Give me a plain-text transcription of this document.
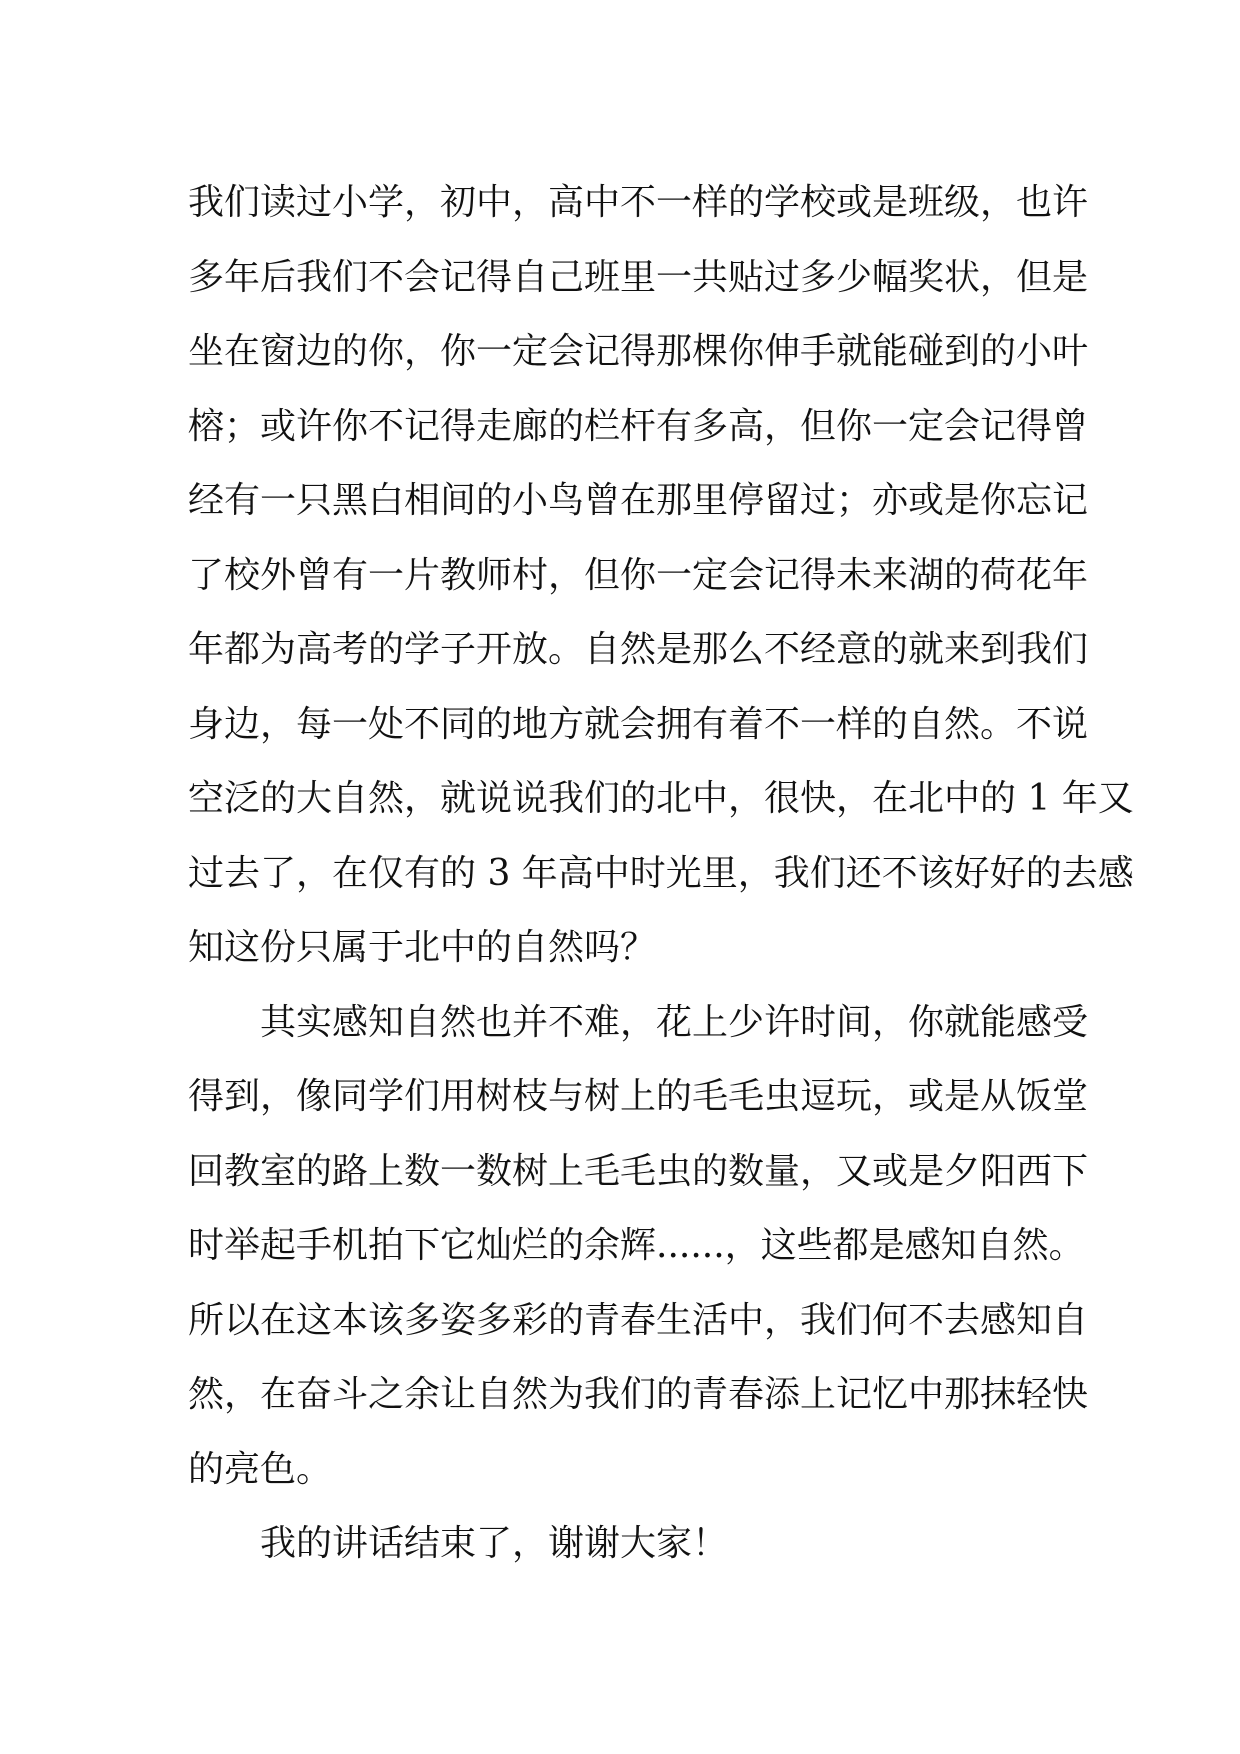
我们读过小学，初中，高中不一样的学校或是班级，也许
多年后我们不会记得自己班里一共贴过多少幅奖状，但是
坐在窗边的你，你一定会记得那棵你伸手就能碰到的小叶
榕；或许你不记得走廊的栏杆有多高，但你一定会记得曾
经有一只黑白相间的小鸟曾在那里停留过；亦或是你忘记
了校外曾有一片教师村，但你一定会记得未来湖的荷花年
年都为高考的学子开放。自然是那么不经意的就来到我们
身边，每一处不同的地方就会拥有着不一样的自然。不说
空泛的大自然，就说说我们的北中，很快，在北中的 1 年又
过去了，在仅有的 3 年高中时光里，我们还不该好好的去感
知这份只属于北中的自然吗？
其实感知自然也并不难，花上少许时间，你就能感受
得到，像同学们用树枝与树上的毛毛虫逗玩，或是从饭堂
回教室的路上数一数树上毛毛虫的数量，又或是夕阳西下
时举起手机拍下它灿烂的余辉......，这些都是感知自然。
所以在这本该多姿多彩的青春生活中，我们何不去感知自
然，在奋斗之余让自然为我们的青春添上记忆中那抹轻快
的亮色。
我的讲话结束了，谢谢大家！
